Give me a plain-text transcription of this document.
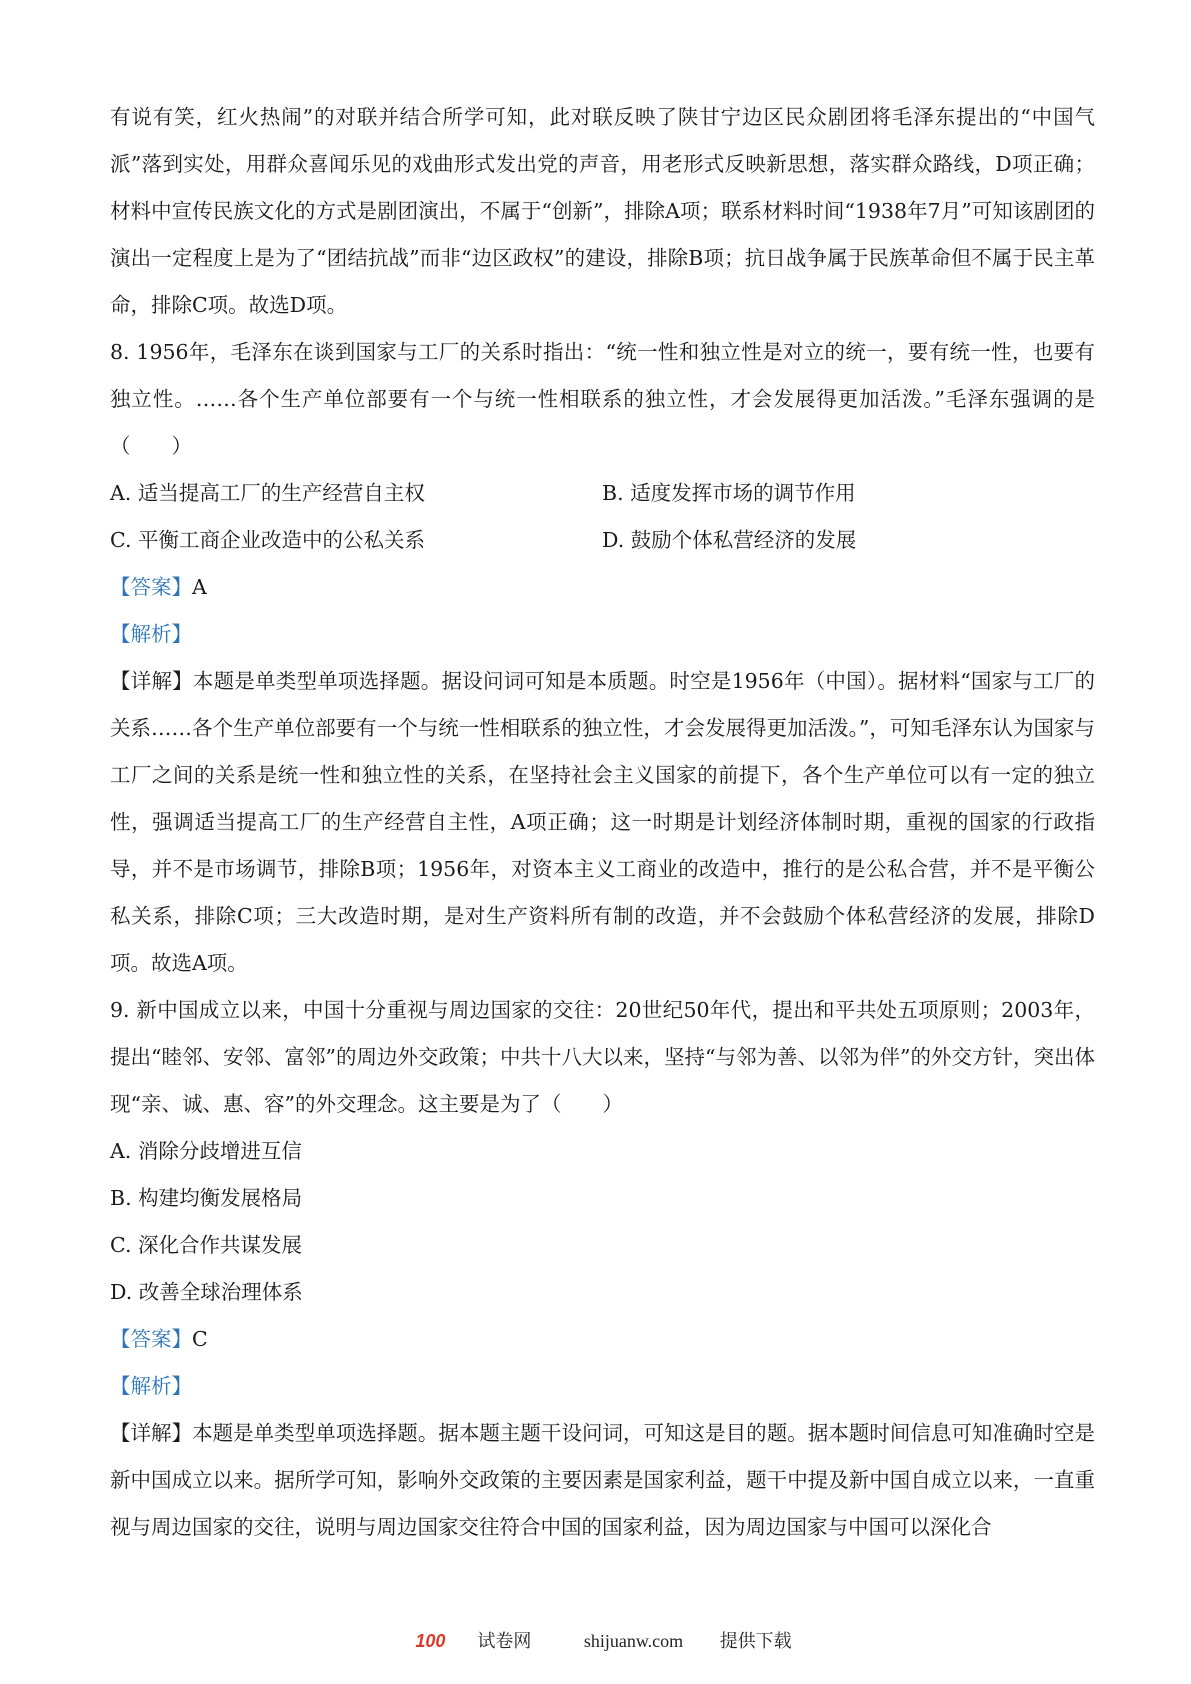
有说有笑，红火热闹”的对联并结合所学可知，此对联反映了陕甘宁边区民众剧团将毛泽东提出的“中国气派”落到实处，用群众喜闻乐见的戏曲形式发出党的声音，用老形式反映新思想，落实群众路线，D项正确；材料中宣传民族文化的方式是剧团演出，不属于“创新”，排除A项；联系材料时间“1938年7月”可知该剧团的演出一定程度上是为了“团结抗战”而非“边区政权”的建设，排除B项；抗日战争属于民族革命但不属于民主革命，排除C项。故选D项。

8. 1956年，毛泽东在谈到国家与工厂的关系时指出：“统一性和独立性是对立的统一，要有统一性，也要有独立性。……各个生产单位部要有一个与统一性相联系的独立性，才会发展得更加活泼。”毛泽东强调的是（　　）

A. 适当提高工厂的生产经营自主权	B. 适度发挥市场的调节作用
C. 平衡工商企业改造中的公私关系	D. 鼓励个体私营经济的发展

【答案】A

【解析】

【详解】本题是单类型单项选择题。据设问词可知是本质题。时空是1956年（中国）。据材料“国家与工厂的关系……各个生产单位部要有一个与统一性相联系的独立性，才会发展得更加活泼。”，可知毛泽东认为国家与工厂之间的关系是统一性和独立性的关系，在坚持社会主义国家的前提下，各个生产单位可以有一定的独立性，强调适当提高工厂的生产经营自主性，A项正确；这一时期是计划经济体制时期，重视的国家的行政指导，并不是市场调节，排除B项；1956年，对资本主义工商业的改造中，推行的是公私合营，并不是平衡公私关系，排除C项；三大改造时期，是对生产资料所有制的改造，并不会鼓励个体私营经济的发展，排除D项。故选A项。

9. 新中国成立以来，中国十分重视与周边国家的交往：20世纪50年代，提出和平共处五项原则；2003年，提出“睦邻、安邻、富邻”的周边外交政策；中共十八大以来，坚持“与邻为善、以邻为伴”的外交方针，突出体现“亲、诚、惠、容”的外交理念。这主要是为了（　　）

A. 消除分歧增进互信
B. 构建均衡发展格局
C. 深化合作共谋发展
D. 改善全球治理体系

【答案】C

【解析】

【详解】本题是单类型单项选择题。据本题主题干设问词，可知这是目的题。据本题时间信息可知准确时空是新中国成立以来。据所学可知，影响外交政策的主要因素是国家利益，题干中提及新中国自成立以来，一直重视与周边国家的交往，说明与周边国家交往符合中国的国家利益，因为周边国家与中国可以深化合

100 试卷网	shijuanw.com 提供下载
